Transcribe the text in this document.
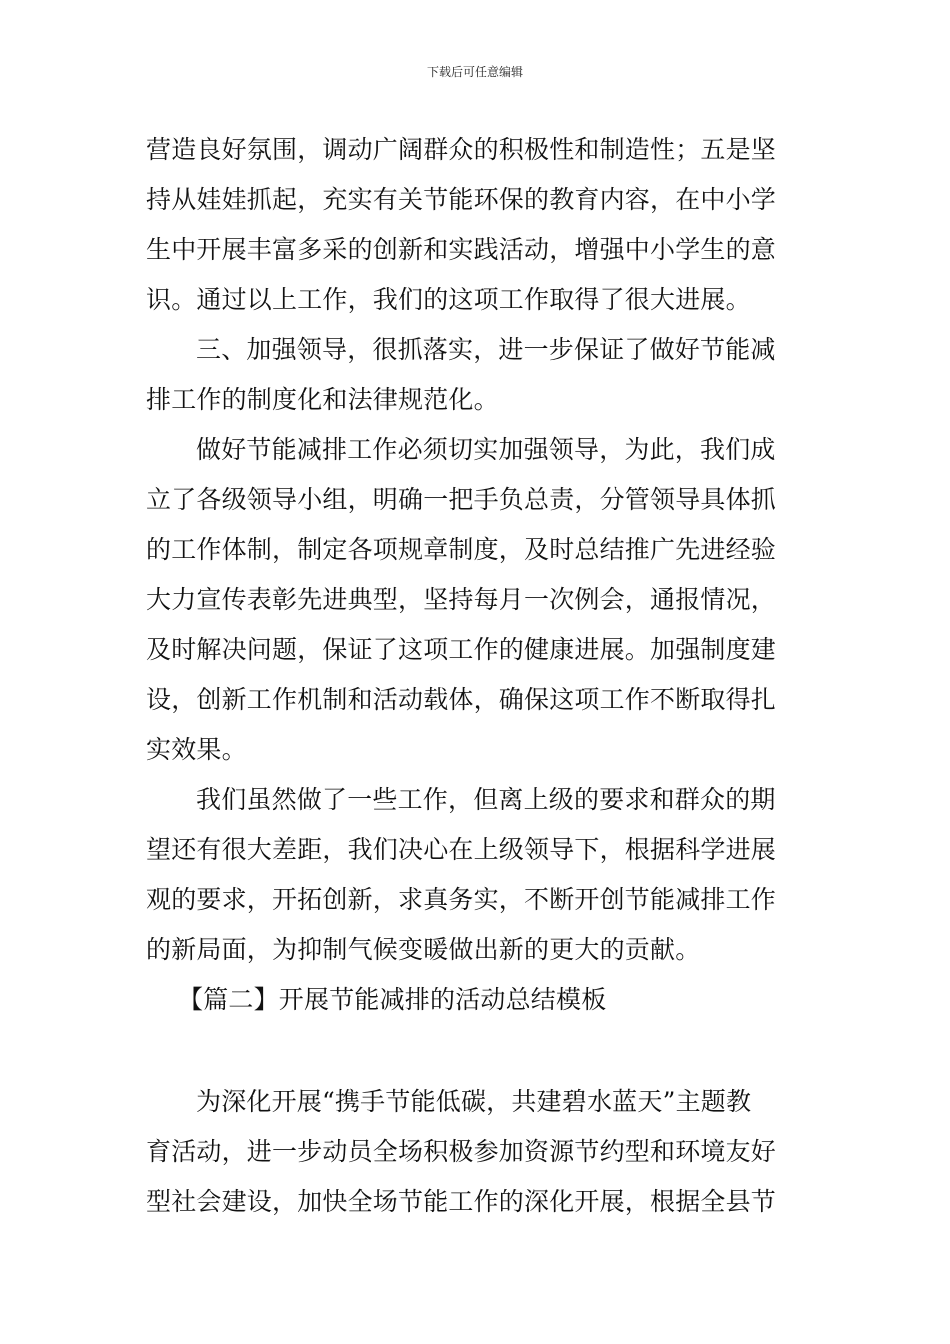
下载后可任意编辑
营造良好氛围，调动广阔群众的积极性和制造性；五是坚
持从娃娃抓起，充实有关节能环保的教育内容，在中小学
生中开展丰富多采的创新和实践活动，增强中小学生的意
识。通过以上工作，我们的这项工作取得了很大进展。
三、加强领导，很抓落实，进一步保证了做好节能减
排工作的制度化和法律规范化。
做好节能减排工作必须切实加强领导，为此，我们成
立了各级领导小组，明确一把手负总责，分管领导具体抓
的工作体制，制定各项规章制度，及时总结推广先进经验
大力宣传表彰先进典型，坚持每月一次例会，通报情况，
及时解决问题，保证了这项工作的健康进展。加强制度建
设，创新工作机制和活动载体，确保这项工作不断取得扎
实效果。
我们虽然做了一些工作，但离上级的要求和群众的期
望还有很大差距，我们决心在上级领导下，根据科学进展
观的要求，开拓创新，求真务实，不断开创节能减排工作
的新局面，为抑制气候变暖做出新的更大的贡献。
【篇二】开展节能减排的活动总结模板
为深化开展“携手节能低碳，共建碧水蓝天”主题教
育活动，进一步动员全场积极参加资源节约型和环境友好
型社会建设，加快全场节能工作的深化开展，根据全县节
